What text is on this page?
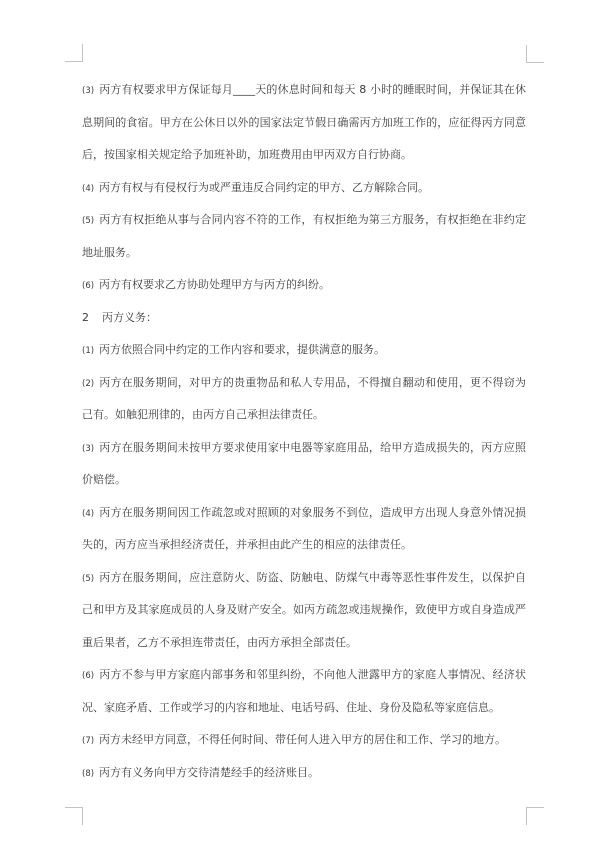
(3) 丙方有权要求甲方保证每月____天的休息时间和每天 8 小时的睡眠时间，并保证其在休
息期间的食宿。甲方在公休日以外的国家法定节假日确需丙方加班工作的，应征得丙方同意
后，按国家相关规定给予加班补助，加班费用由甲丙双方自行协商。
(4) 丙方有权与有侵权行为或严重违反合同约定的甲方、乙方解除合同。
(5) 丙方有权拒绝从事与合同内容不符的工作，有权拒绝为第三方服务，有权拒绝在非约定
地址服务。
(6) 丙方有权要求乙方协助处理甲方与丙方的纠纷。
2 丙方义务：
(1) 丙方依照合同中约定的工作内容和要求，提供满意的服务。
(2) 丙方在服务期间，对甲方的贵重物品和私人专用品，不得擅自翻动和使用，更不得窃为
己有。如触犯刑律的，由丙方自己承担法律责任。
(3) 丙方在服务期间未按甲方要求使用家中电器等家庭用品，给甲方造成损失的，丙方应照
价赔偿。
(4) 丙方在服务期间因工作疏忽或对照顾的对象服务不到位，造成甲方出现人身意外情况损
失的，丙方应当承担经济责任，并承担由此产生的相应的法律责任。
(5) 丙方在服务期间，应注意防火、防盗、防触电、防煤气中毒等恶性事件发生，以保护自
己和甲方及其家庭成员的人身及财产安全。如丙方疏忽或违规操作，致使甲方或自身造成严
重后果者，乙方不承担连带责任，由丙方承担全部责任。
(6) 丙方不参与甲方家庭内部事务和邻里纠纷，不向他人泄露甲方的家庭人事情况、经济状
况、家庭矛盾、工作或学习的内容和地址、电话号码、住址、身份及隐私等家庭信息。
(7) 丙方未经甲方同意，不得任何时间、带任何人进入甲方的居住和工作、学习的地方。
(8) 丙方有义务向甲方交待清楚经手的经济账目。
